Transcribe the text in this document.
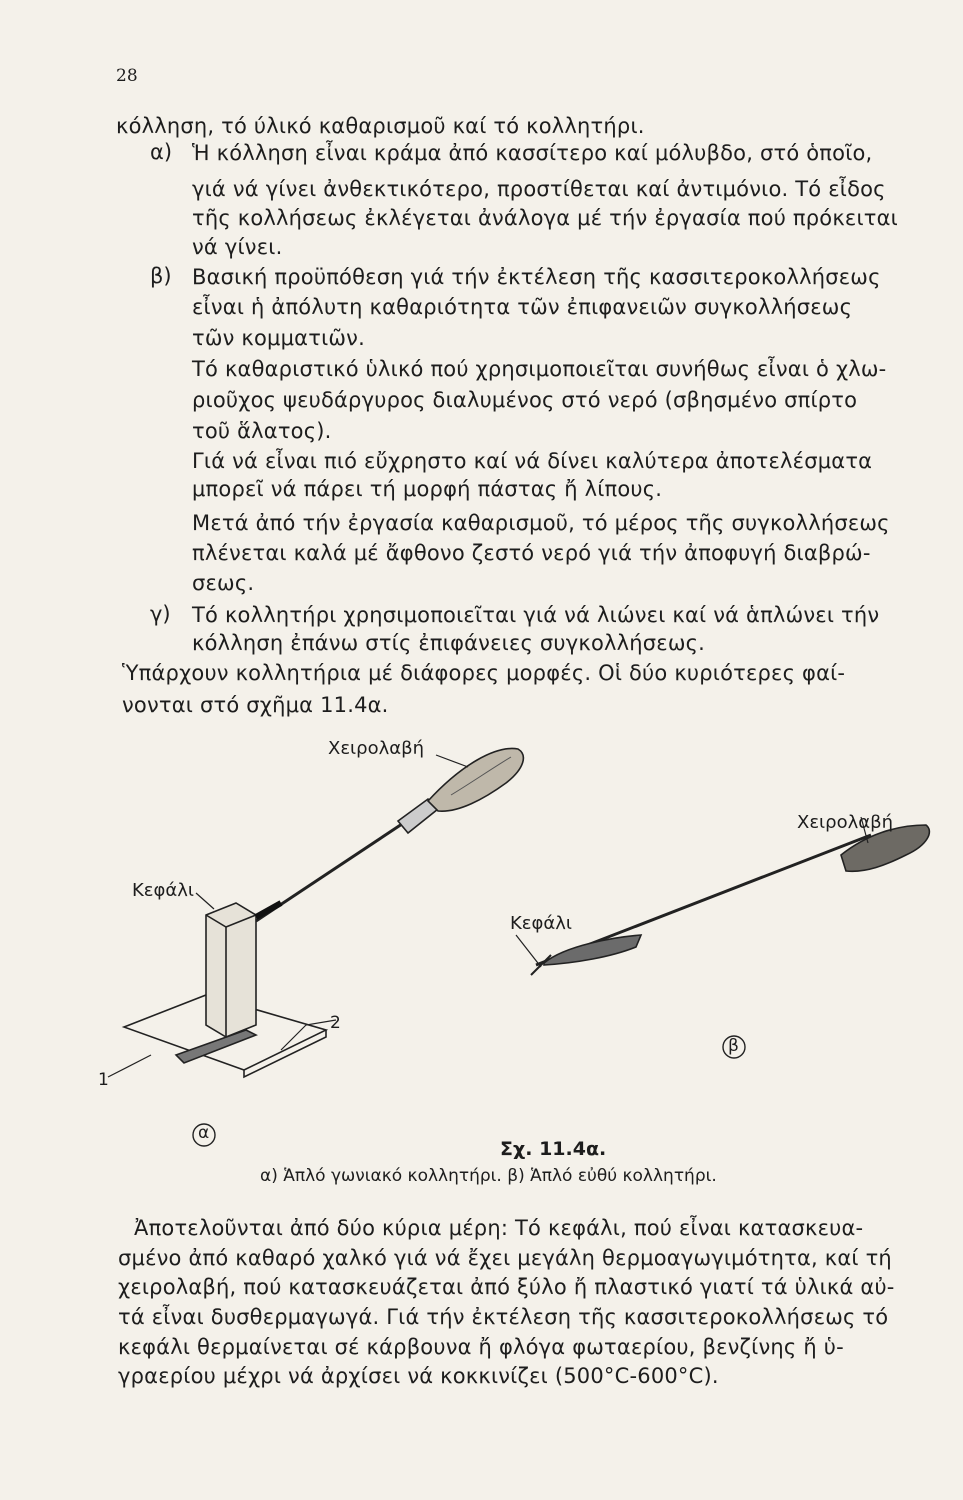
28
κόλληση, τό ύλικό καθαρισμοῦ καί τό κολλητήρι.
α) Ἡ κόλληση εἶναι κράμα ἀπό κασσίτερο καί μόλυβδο, στό ὁποῖο,
γιά νά γίνει ἀνθεκτικότερο, προστίθεται καί ἀντιμόνιο. Τό εἶδος
τῆς κολλήσεως ἐκλέγεται ἀνάλογα μέ τήν ἐργασία πού πρόκειται
νά γίνει.
β) Βασική προϋπόθεση γιά τήν ἐκτέλεση τῆς κασσιτεροκολλήσεως
εἶναι ἡ ἀπόλυτη καθαριότητα τῶν ἐπιφανειῶν συγκολλήσεως
τῶν κομματιῶν.
Τό καθαριστικό ὑλικό πού χρησιμοποιεῖται συνήθως εἶναι ὁ χλω-
ριοῦχος ψευδάργυρος διαλυμένος στό νερό (σβησμένο σπίρτο
τοῦ ἅλατος).
Γιά νά εἶναι πιό εὔχρηστο καί νά δίνει καλύτερα ἀποτελέσματα
μπορεῖ νά πάρει τή μορφή πάστας ἤ λίπους.
Μετά ἀπό τήν ἐργασία καθαρισμοῦ, τό μέρος τῆς συγκολλήσεως
πλένεται καλά μέ ἄφθονο ζεστό νερό γιά τήν ἀποφυγή διαβρώ-
σεως.
γ) Τό κολλητήρι χρησιμοποιεῖται γιά νά λιώνει καί νά ἁπλώνει τήν
κόλληση ἐπάνω στίς ἐπιφάνειες συγκολλήσεως.
Ὑπάρχουν κολλητήρια μέ διάφορες μορφές. Οἱ δύο κυριότερες φαί-
νονται στό σχῆμα 11.4α.
Χειρολαβή
Κεφάλι
Χειρολαβή
Κεφάλι
1
2
α
β
Σχ. 11.4α.
α) Ἁπλό γωνιακό κολλητήρι. β) Ἁπλό εὐθύ κολλητήρι.
Ἀποτελοῦνται ἀπό δύο κύρια μέρη: Τό κεφάλι, πού εἶναι κατασκευα-
σμένο ἀπό καθαρό χαλκό γιά νά ἔχει μεγάλη θερμοαγωγιμότητα, καί τή
χειρολαβή, πού κατασκευάζεται ἀπό ξύλο ἤ πλαστικό γιατί τά ὑλικά αὐ-
τά εἶναι δυσθερμαγωγά. Γιά τήν ἐκτέλεση τῆς κασσιτεροκολλήσεως τό
κεφάλι θερμαίνεται σέ κάρβουνα ἤ φλόγα φωταερίου, βενζίνης ἤ ὑ-
γραερίου μέχρι νά ἀρχίσει νά κοκκινίζει (500°C-600°C).
